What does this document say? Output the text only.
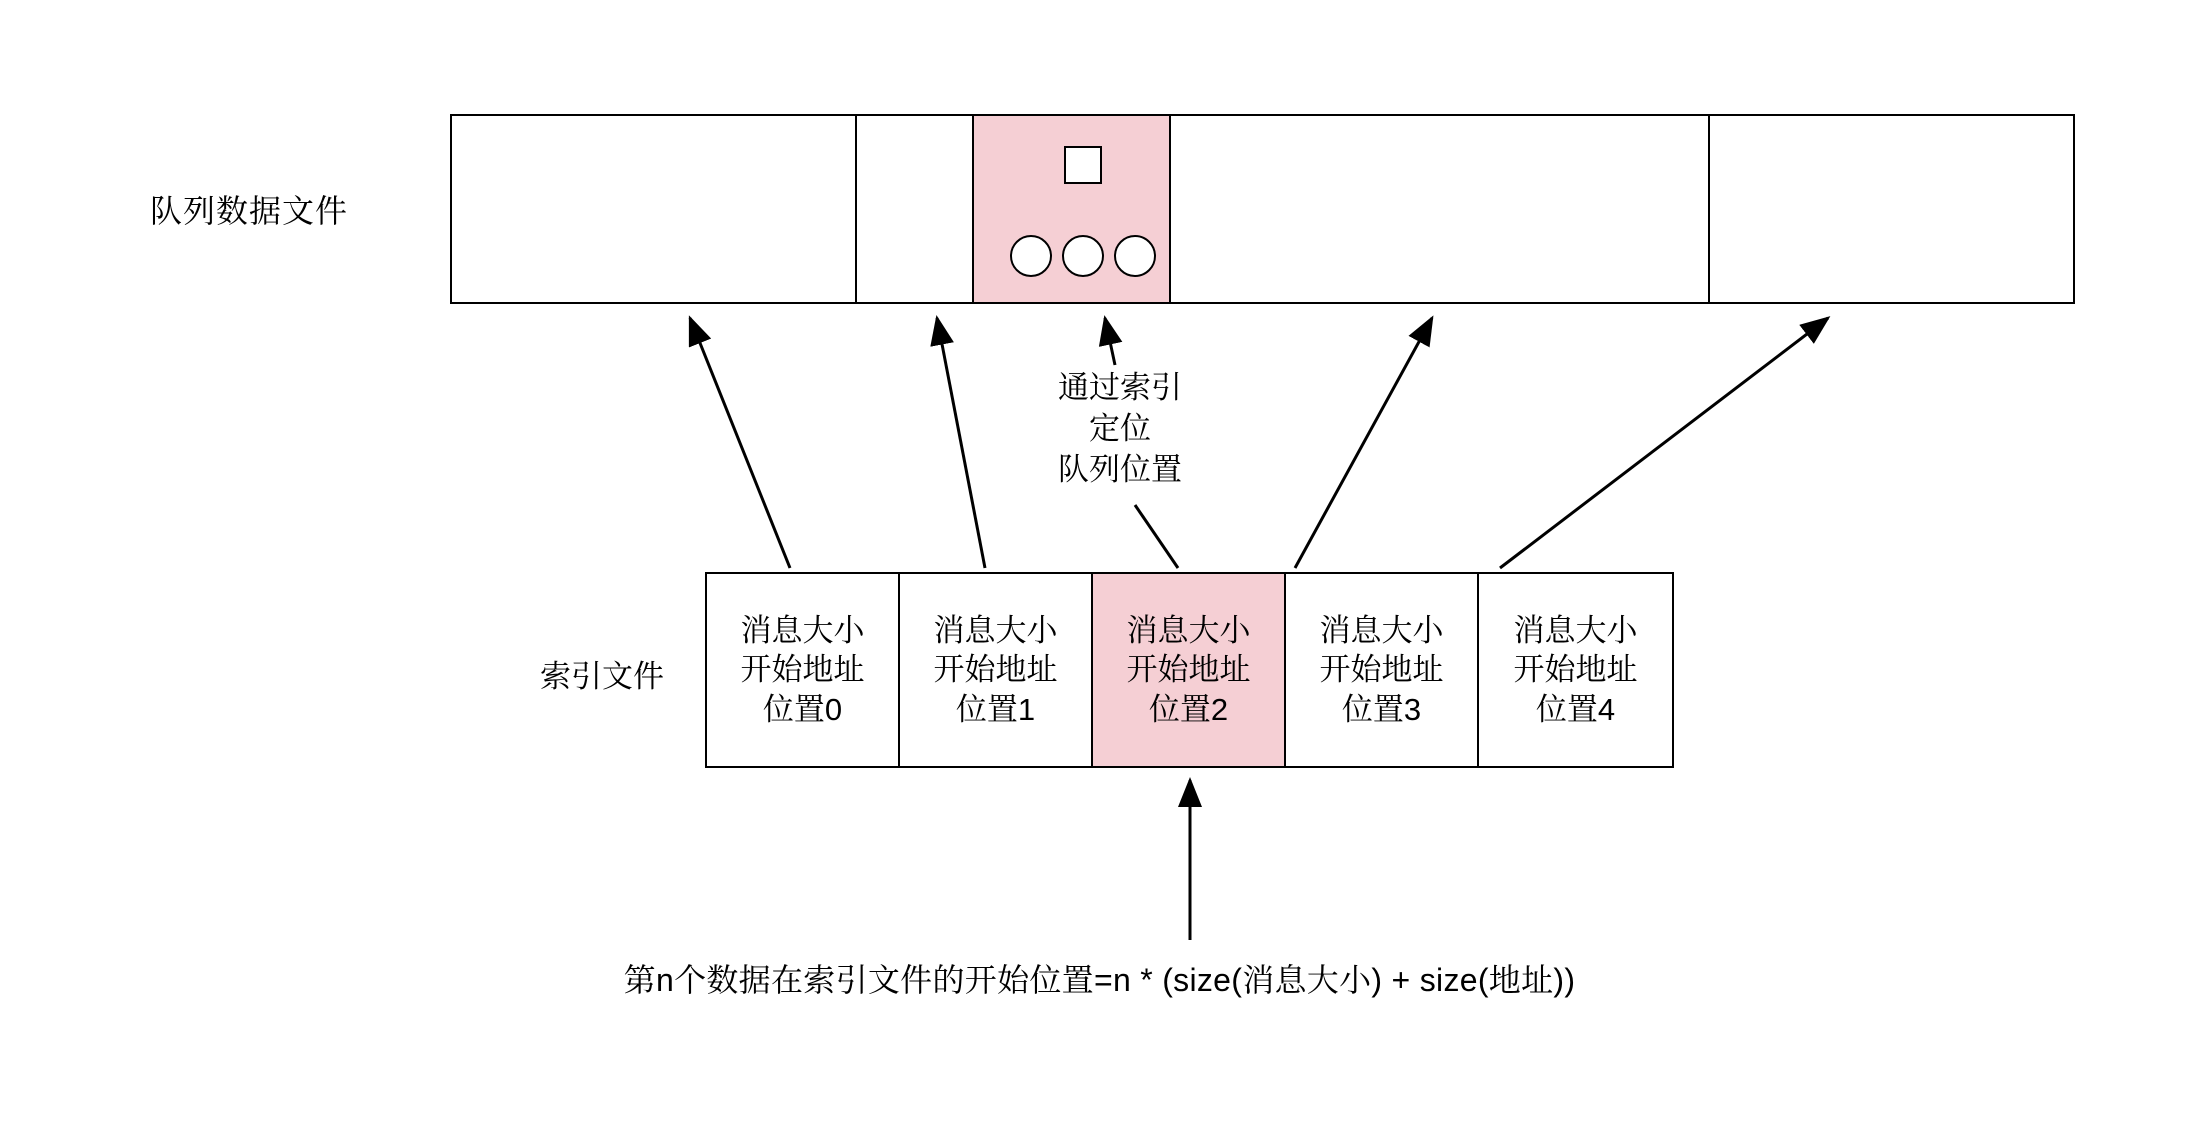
队列数据文件
通过索引
定位
队列位置
索引文件
消息大小
开始地址
位置0
消息大小
开始地址
位置1
消息大小
开始地址
位置2
消息大小
开始地址
位置3
消息大小
开始地址
位置4
第n个数据在索引文件的开始位置=n * (size(消息大小) + size(地址))
